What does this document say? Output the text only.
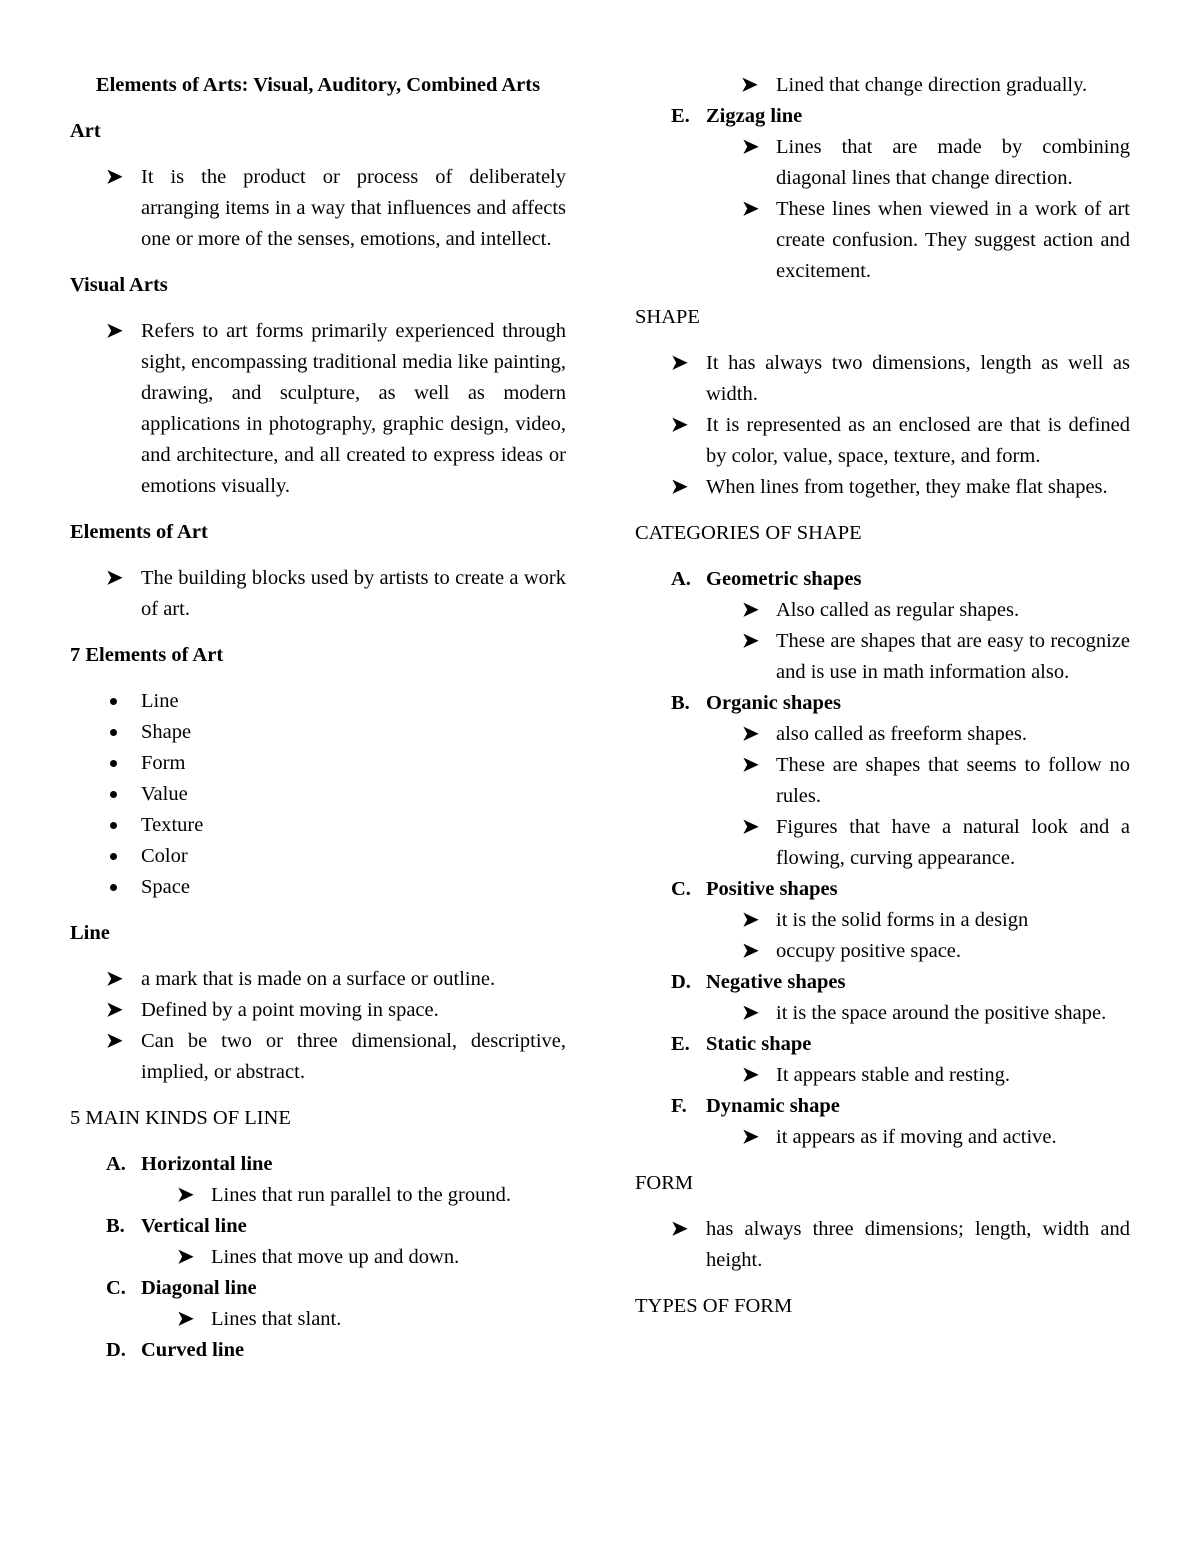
Elements of Arts: Visual, Auditory, Combined Arts
Art
➤ It is the product or process of deliberately arranging items in a way that influences and affects one or more of the senses, emotions, and intellect.
Visual Arts
➤ Refers to art forms primarily experienced through sight, encompassing traditional media like painting, drawing, and sculpture, as well as modern applications in photography, graphic design, video, and architecture, and all created to express ideas or emotions visually.
Elements of Art
➤ The building blocks used by artists to create a work of art.
7 Elements of Art
Line
Shape
Form
Value
Texture
Color
Space
Line
➤ a mark that is made on a surface or outline.
➤ Defined by a point moving in space.
➤ Can be two or three dimensional, descriptive, implied, or abstract.
5 MAIN KINDS OF LINE
A. Horizontal line
➤ Lines that run parallel to the ground.
B. Vertical line
➤ Lines that move up and down.
C. Diagonal line
➤ Lines that slant.
D. Curved line
➤ Lined that change direction gradually.
E. Zigzag line
➤ Lines that are made by combining diagonal lines that change direction.
➤ These lines when viewed in a work of art create confusion. They suggest action and excitement.
SHAPE
➤ It has always two dimensions, length as well as width.
➤ It is represented as an enclosed are that is defined by color, value, space, texture, and form.
➤ When lines from together, they make flat shapes.
CATEGORIES OF SHAPE
A. Geometric shapes
➤ Also called as regular shapes.
➤ These are shapes that are easy to recognize and is use in math information also.
B. Organic shapes
➤ also called as freeform shapes.
➤ These are shapes that seems to follow no rules.
➤ Figures that have a natural look and a flowing, curving appearance.
C. Positive shapes
➤ it is the solid forms in a design
➤ occupy positive space.
D. Negative shapes
➤ it is the space around the positive shape.
E. Static shape
➤ It appears stable and resting.
F. Dynamic shape
➤ it appears as if moving and active.
FORM
➤ has always three dimensions; length, width and height.
TYPES OF FORM
